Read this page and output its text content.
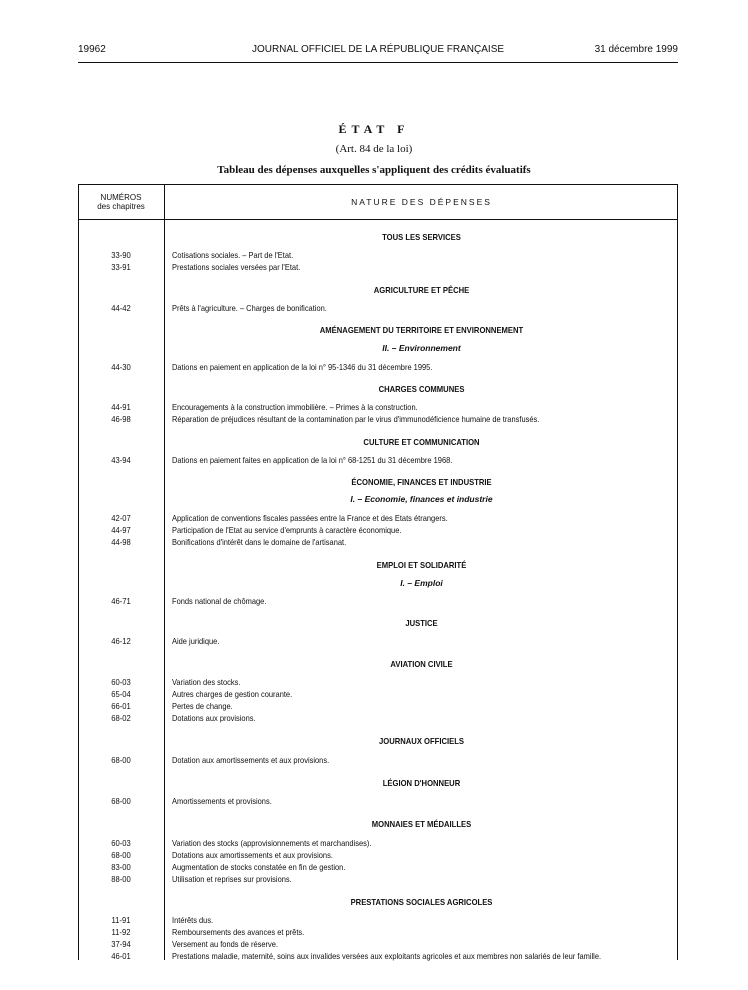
19962	JOURNAL OFFICIEL DE LA RÉPUBLIQUE FRANÇAISE	31 décembre 1999
ÉTAT F
(Art. 84 de la loi)
Tableau des dépenses auxquelles s'appliquent des crédits évaluatifs
NUMÉROS
des chapitres	NATURE DES DÉPENSES
TOUS LES SERVICES
33-90	Cotisations sociales. – Part de l'Etat.
33-91	Prestations sociales versées par l'Etat.
AGRICULTURE ET PÊCHE
44-42	Prêts à l'agriculture. – Charges de bonification.
AMÉNAGEMENT DU TERRITOIRE ET ENVIRONNEMENT
II. – Environnement
44-30	Dations en paiement en application de la loi n° 95-1346 du 31 décembre 1995.
CHARGES COMMUNES
44-91	Encouragements à la construction immobilière. – Primes à la construction.
46-98	Réparation de préjudices résultant de la contamination par le virus d'immunodéficience humaine de transfusés.
CULTURE ET COMMUNICATION
43-94	Dations en paiement faites en application de la loi n° 68-1251 du 31 décembre 1968.
ÉCONOMIE, FINANCES ET INDUSTRIE
I. – Economie, finances et industrie
42-07	Application de conventions fiscales passées entre la France et des Etats étrangers.
44-97	Participation de l'Etat au service d'emprunts à caractère économique.
44-98	Bonifications d'intérêt dans le domaine de l'artisanat.
EMPLOI ET SOLIDARITÉ
I. – Emploi
46-71	Fonds national de chômage.
JUSTICE
46-12	Aide juridique.
AVIATION CIVILE
60-03	Variation des stocks.
65-04	Autres charges de gestion courante.
66-01	Pertes de change.
68-02	Dotations aux provisions.
JOURNAUX OFFICIELS
68-00	Dotation aux amortissements et aux provisions.
LÉGION D'HONNEUR
68-00	Amortissements et provisions.
MONNAIES ET MÉDAILLES
60-03	Variation des stocks (approvisionnements et marchandises).
68-00	Dotations aux amortissements et aux provisions.
83-00	Augmentation de stocks constatée en fin de gestion.
88-00	Utilisation et reprises sur provisions.
PRESTATIONS SOCIALES AGRICOLES
11-91	Intérêts dus.
11-92	Remboursements des avances et prêts.
37-94	Versement au fonds de réserve.
46-01	Prestations maladie, maternité, soins aux invalides versées aux exploitants agricoles et aux membres non salariés de leur famille.
